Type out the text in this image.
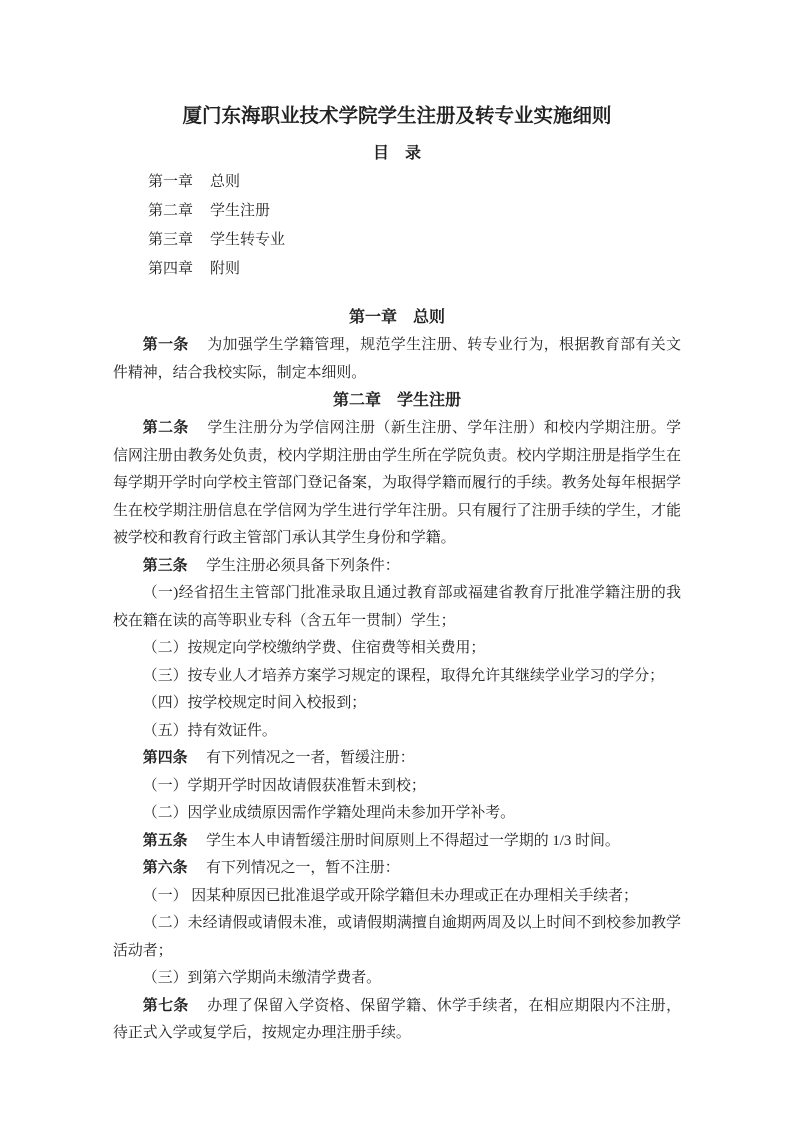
厦门东海职业技术学院学生注册及转专业实施细则
目　录
第一章 总则
第二章 学生注册
第三章 学生转专业
第四章 附则
第一章　总则

第一条 为加强学生学籍管理，规范学生注册、转专业行为，根据教育部有关文件精神，结合我校实际，制定本细则。

第二章　学生注册

第二条 学生注册分为学信网注册（新生注册、学年注册）和校内学期注册。学信网注册由教务处负责，校内学期注册由学生所在学院负责。校内学期注册是指学生在每学期开学时向学校主管部门登记备案，为取得学籍而履行的手续。教务处每年根据学生在校学期注册信息在学信网为学生进行学年注册。只有履行了注册手续的学生，才能被学校和教育行政主管部门承认其学生身份和学籍。

第三条 学生注册必须具备下列条件：

（一)经省招生主管部门批准录取且通过教育部或福建省教育厅批准学籍注册的我校在籍在读的高等职业专科（含五年一贯制）学生；

（二）按规定向学校缴纳学费、住宿费等相关费用；

（三）按专业人才培养方案学习规定的课程，取得允许其继续学业学习的学分；

（四）按学校规定时间入校报到；

（五）持有效证件。

第四条 有下列情况之一者，暂缓注册：

（一）学期开学时因故请假获准暂未到校；

（二）因学业成绩原因需作学籍处理尚未参加开学补考。

第五条 学生本人申请暂缓注册时间原则上不得超过一学期的 1/3 时间。

第六条 有下列情况之一，暂不注册：

（一） 因某种原因已批准退学或开除学籍但未办理或正在办理相关手续者；

（二）未经请假或请假未准，或请假期满擅自逾期两周及以上时间不到校参加教学活动者；

（三）到第六学期尚未缴清学费者。

第七条 办理了保留入学资格、保留学籍、休学手续者，在相应期限内不注册，待正式入学或复学后，按规定办理注册手续。
